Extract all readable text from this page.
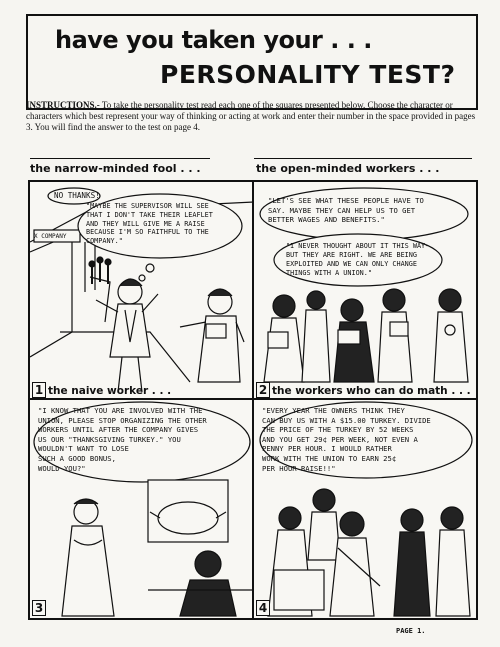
have you taken your . . .
PERSONALITY TEST?
INSTRUCTIONS.- To take the personality test read each one of the squares presented below. Choose the character or characters which best represent your way of thinking or acting at work and enter their number in the space provided in pages 3. You will find the answer to the test on page 4.
the narrow-minded fool . . .	the open-minded workers . . .
X COMPANY
NO THANKS!
"MAYBE THE SUPERVISOR WILL SEE
THAT I DON'T TAKE THEIR LEAFLET
AND THEY WILL GIVE ME A RAISE
BECAUSE I'M SO FAITHFUL TO THE
COMPANY."
1 the naive worker . . .
"LET'S SEE WHAT THESE PEOPLE HAVE TO
SAY. MAYBE THEY CAN HELP US TO GET
BETTER WAGES AND BENEFITS."
"I NEVER THOUGHT ABOUT IT THIS WAY-
BUT THEY ARE RIGHT. WE ARE BEING
EXPLOITED AND WE CAN ONLY CHANGE
THINGS WITH A UNION."
2 the workers who can do math . . .
"I KNOW THAT YOU ARE INVOLVED WITH THE
UNION, PLEASE STOP ORGANIZING THE OTHER
WORKERS UNTIL AFTER THE COMPANY GIVES
US OUR "THANKSGIVING TURKEY." YOU
WOULDN'T WANT TO LOSE
SUCH A GOOD BONUS,
WOULD YOU?"
3
"EVERY YEAR THE OWNERS THINK THEY
CAN BUY US WITH A $15.00 TURKEY. DIVIDE
THE PRICE OF THE TURKEY BY 52 WEEKS
AND YOU GET 29¢ PER WEEK, NOT EVEN A
PENNY PER HOUR. I WOULD RATHER
WORK WITH THE UNION TO EARN 25¢
PER HOUR RAISE!!"
4
PAGE 1.
